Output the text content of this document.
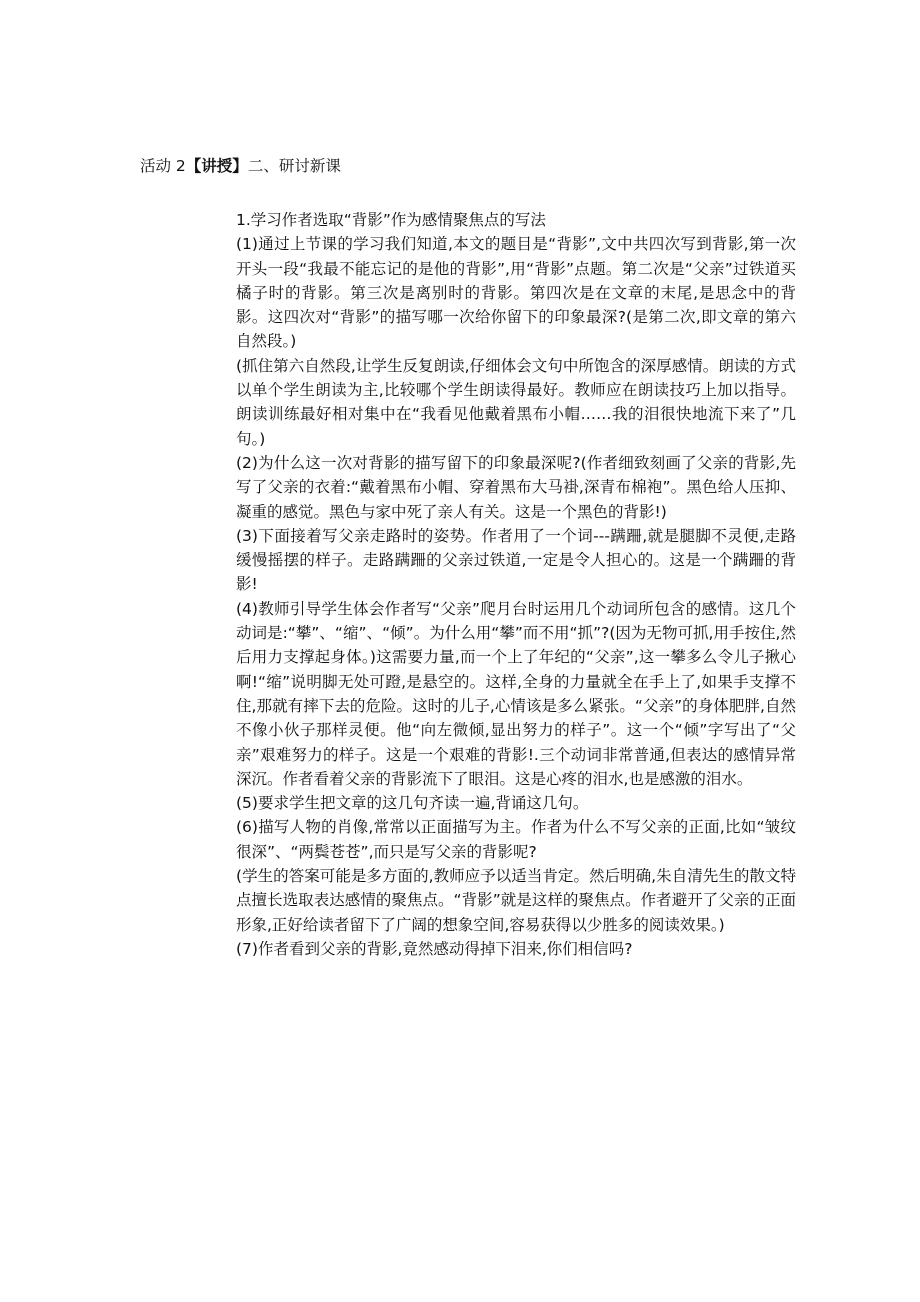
活动 2【讲授】二、研讨新课

1.学习作者选取“背影”作为感情聚焦点的写法

(1)通过上节课的学习我们知道,本文的题目是“背影”,文中共四次写到背影,第一次开头一段“我最不能忘记的是他的背影”,用“背影”点题。第二次是“父亲”过铁道买橘子时的背影。第三次是离别时的背影。第四次是在文章的末尾,是思念中的背影。这四次对“背影”的描写哪一次给你留下的印象最深?(是第二次,即文章的第六自然段。)

(抓住第六自然段,让学生反复朗读,仔细体会文句中所饱含的深厚感情。朗读的方式以单个学生朗读为主,比较哪个学生朗读得最好。教师应在朗读技巧上加以指导。朗读训练最好相对集中在“我看见他戴着黑布小帽……我的泪很快地流下来了”几句。)

(2)为什么这一次对背影的描写留下的印象最深呢?(作者细致刻画了父亲的背影,先写了父亲的衣着:“戴着黑布小帽、穿着黑布大马褂,深青布棉袍”。黑色给人压抑、凝重的感觉。黑色与家中死了亲人有关。这是一个黑色的背影!)

(3)下面接着写父亲走路时的姿势。作者用了一个词---蹒跚,就是腿脚不灵便,走路缓慢摇摆的样子。走路蹒跚的父亲过铁道,一定是令人担心的。这是一个蹒跚的背影!

(4)教师引导学生体会作者写“父亲”爬月台时运用几个动词所包含的感情。这几个动词是:“攀”、“缩”、“倾”。为什么用“攀”而不用“抓”?(因为无物可抓,用手按住,然后用力支撑起身体。)这需要力量,而一个上了年纪的“父亲”,这一攀多么令儿子揪心啊!“缩”说明脚无处可蹬,是悬空的。这样,全身的力量就全在手上了,如果手支撑不住,那就有摔下去的危险。这时的儿子,心情该是多么紧张。“父亲”的身体肥胖,自然不像小伙子那样灵便。他“向左微倾,显出努力的样子”。这一个“倾”字写出了“父亲”艰难努力的样子。这是一个艰难的背影!.三个动词非常普通,但表达的感情异常深沉。作者看着父亲的背影流下了眼泪。这是心疼的泪水,也是感激的泪水。

(5)要求学生把文章的这几句齐读一遍,背诵这几句。

(6)描写人物的肖像,常常以正面描写为主。作者为什么不写父亲的正面,比如“皱纹很深”、“两鬓苍苍”,而只是写父亲的背影呢?

(学生的答案可能是多方面的,教师应予以适当肯定。然后明确,朱自清先生的散文特点擅长选取表达感情的聚焦点。“背影”就是这样的聚焦点。作者避开了父亲的正面形象,正好给读者留下了广阔的想象空间,容易获得以少胜多的阅读效果。)

(7)作者看到父亲的背影,竟然感动得掉下泪来,你们相信吗?
